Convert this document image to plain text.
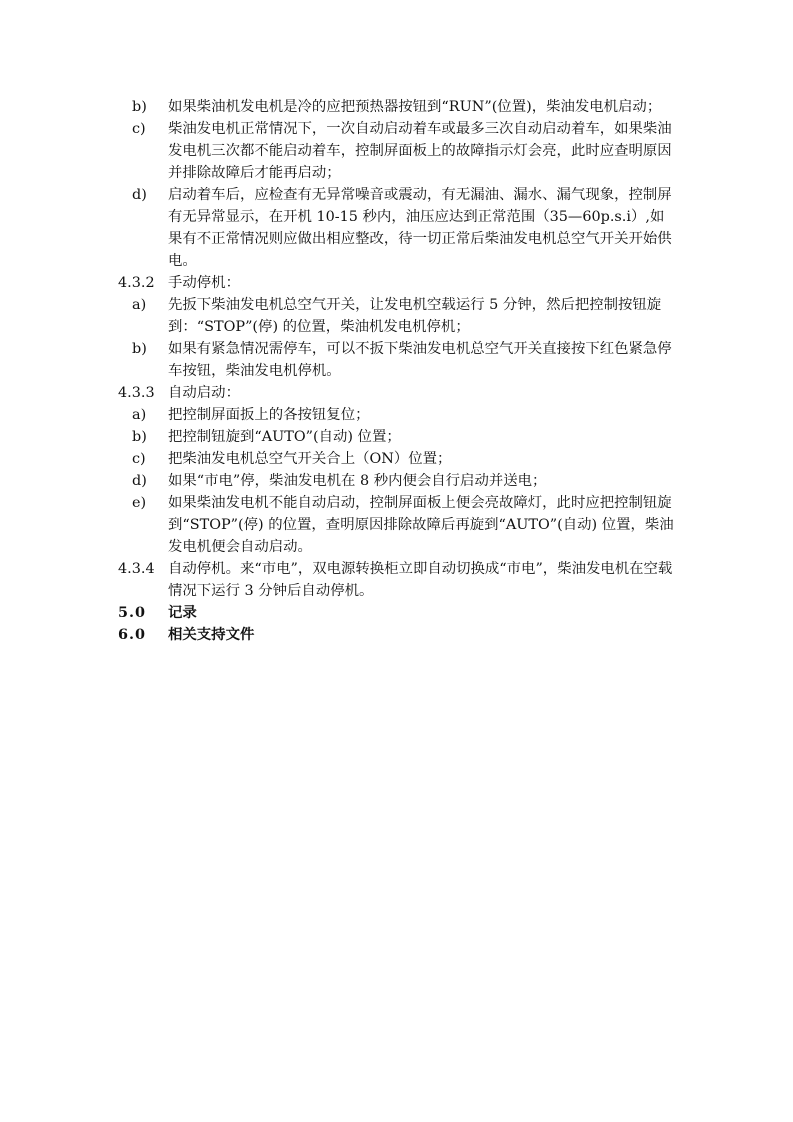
b) 如果柴油机发电机是冷的应把预热器按钮到“RUN”(位置)，柴油发电机启动；
c) 柴油发电机正常情况下，一次自动启动着车或最多三次自动启动着车，如果柴油发电机三次都不能启动着车，控制屏面板上的故障指示灯会亮，此时应查明原因并排除故障后才能再启动；
d) 启动着车后，应检查有无异常噪音或震动，有无漏油、漏水、漏气现象，控制屏有无异常显示，在开机 10-15 秒内，油压应达到正常范围（35—60p.s.i）,如果有不正常情况则应做出相应整改，待一切正常后柴油发电机总空气开关开始供电。
4.3.2 手动停机：
a) 先扳下柴油发电机总空气开关，让发电机空载运行 5 分钟，然后把控制按钮旋到：“STOP”(停) 的位置，柴油机发电机停机；
b) 如果有紧急情况需停车，可以不扳下柴油发电机总空气开关直接按下红色紧急停车按钮，柴油发电机停机。
4.3.3 自动启动：
a) 把控制屏面扳上的各按钮复位；
b) 把控制钮旋到“AUTO”(自动) 位置；
c) 把柴油发电机总空气开关合上（ON）位置；
d) 如果“市电”停，柴油发电机在 8 秒内便会自行启动并送电；
e) 如果柴油发电机不能自动启动，控制屏面板上便会亮故障灯，此时应把控制钮旋到“STOP”(停) 的位置，查明原因排除故障后再旋到“AUTO”(自动) 位置，柴油发电机便会自动启动。
4.3.4 自动停机。来“市电”，双电源转换柜立即自动切换成“市电”，柴油发电机在空载情况下运行 3 分钟后自动停机。
5.0 记录
6.0 相关支持文件
